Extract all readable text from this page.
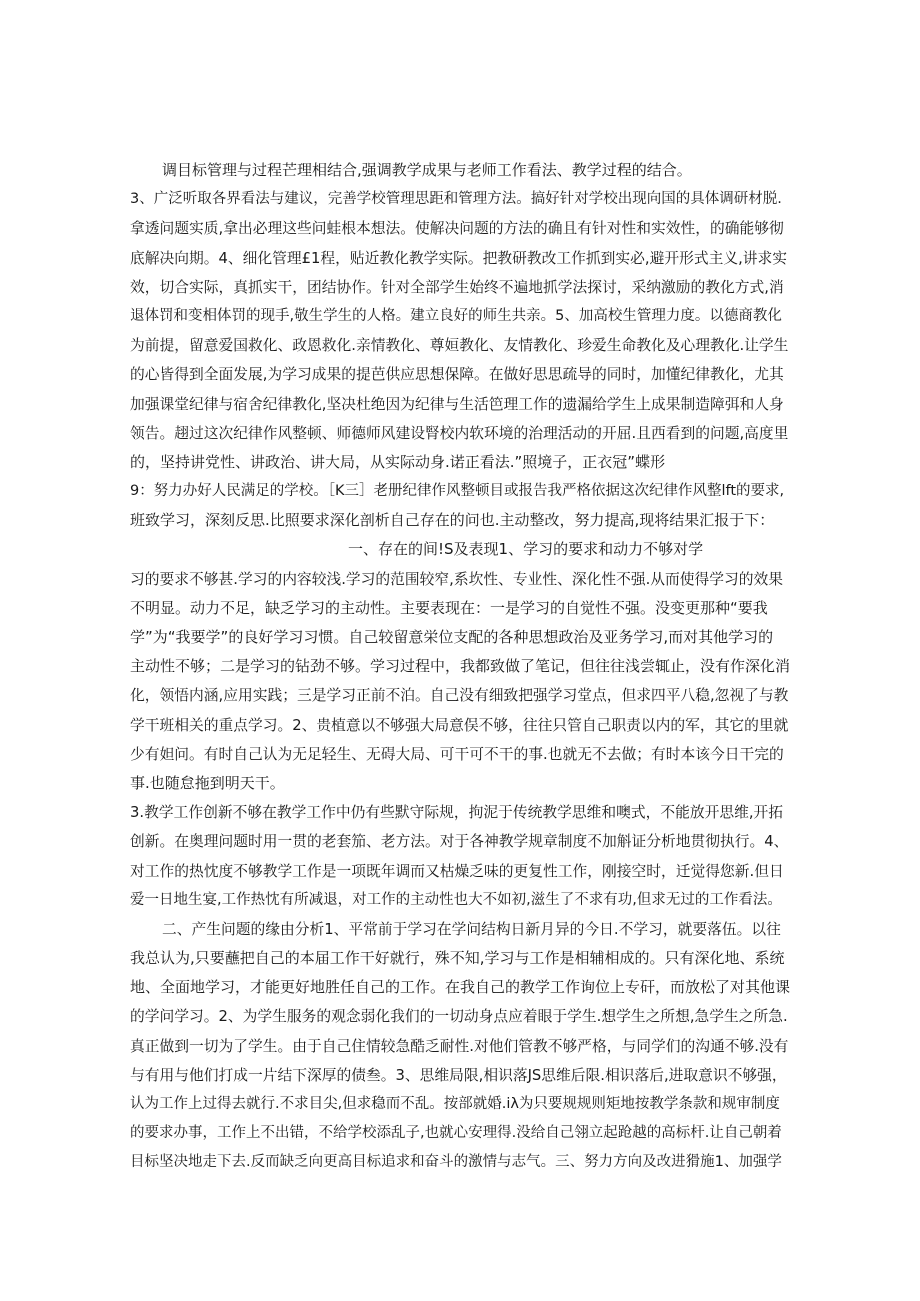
调目标管理与过程芒理相结合,强调教学成果与老师工作看法、教学过程的结合。
3、广泛听取各界看法与建议，完善学校管理思距和管理方法。搞好针对学校出现向国的具体调研材脱.
拿透问题实质,拿出必理这些问蛙根本想法。使解决问题的方法的确且有针对性和实效性，的确能够彻
底解决向期。4、细化管理£1程，贴近教化教学实际。把教研教改工作抓到实必,避开形式主义,讲求实
效，切合实际，真抓实干，团结协作。针对全部学生始终不遍地抓学法探讨，采纳激励的教化方式,消
退体罚和变相体罚的现手,敬生学生的人格。建立良好的师生共亲。5、加高校生管理力度。以德商教化
为前提，留意爱国救化、政恩救化.亲情教化、尊姮教化、友情教化、珍爱生命教化及心理教化.让学生
的心皆得到全面发展,为学习成果的提芭供应思想保障。在做好思思疏导的同时，加懂纪律教化，尤其
加强课堂纪律与宿舍纪律教化,坚决杜绝因为纪律与生活笆理工作的遗漏给学生上成果制造障弭和人身
领告。趐过这次纪律作风整顿、师德师风建设腎校内软环境的治理活动的开屈.且西看到的问题,高度里
的，坚持讲党性、讲政治、讲大局，从实际动身.诺正看法.”照境子，正衣冠”蝶形
9：努力办好人民满足的学校。［K三］老册纪律作风整顿目或报告我严格依据这次纪律作风整lft的要求,
班致学习，深刻反思.比照要求深化剖析自己存在的问也.主动整改，努力提高,现将结果汇报于下：
一、存在的间!S及表现1、学习的要求和动力不够对学
习的要求不够甚.学习的内容较浅.学习的范围较窄,系坎性、专业性、深化性不强.从而使得学习的效果
不明显。动力不足，缺乏学习的主动性。主要表现在：一是学习的自觉性不强。没变更那种“要我
学”为“我要学”的良好学习习惯。自己较留意栄位支配的各种思想政治及亚务学习,而对其他学习的
主动性不够；二是学习的钻劲不够。学习过程中，我都致做了笔记，但往往浅尝辄止，没有作深化消
化，领悟内涵,应用实践；三是学习正前不泊。自己没有细致把强学习堂点，但求四平八稳,忽视了与教
学干班相关的重点学习。2、贵植意以不够强大局意俣不够，往往只管自己职责以内的军，其它的里就
少有妲问。有时自己认为无足轻生、无碍大局、可干可不干的事.也就无不去做；有时本该今日干完的
事.也随怠拖到明天干。
3.教学工作创新不够在教学工作中仍有些默守际规，拘泥于传统教学思维和噢式，不能放开思维,开拓
创新。在奥理问题时用一贯的老套笳、老方法。对于各神教学规章制度不加斛证分析地贯彻执行。4、
对工作的热忱度不够教学工作是一项既年调而又枯燥乏味的更复性工作，刚接空时，迁觉得您新.但日
爱一日地生宴,工作热忱有所减退，对工作的主动性也大不如初,滋生了不求有功,但求无过的工作看法。
二、产生问题的缘由分析1、平常前于学习在学问结构日新月异的今日.不学习，就要落伍。以往
我总认为,只要蘸把自己的本届工作干好就行，殊不知,学习与工作是相辅相成的。只有深化地、系统
地、全面地学习，才能更好地胜任自己的工作。在我自己的教学工作询位上专矸，而放松了对其他课
的学问学习。2、为学生服务的观念弱化我们的一切动身点应着眼于学生.想学生之所想,急学生之所急.
真正做到一切为了学生。由于自己住情较急酷乏耐性.对他们管教不够严格，与同学们的沟通不够.没有
与有用与他们打成一片结下深厚的债叁。3、思维局限,相识落JS思维后限.相识落后,进取意识不够强，
认为工作上过得去就行.不求目尖,但求稳而不乱。按部就婚.iλ为只要规规则矩地按教学条款和规审制度
的要求办事，工作上不出错，不给学校添乱子,也就心安理得.没给自己翎立起跄越的高标杆.让自己朝着
目标坚决地走下去.反而缺乏向更高目标追求和奋斗的激情与志气。三、努力方向及改进猾施1、加强学
